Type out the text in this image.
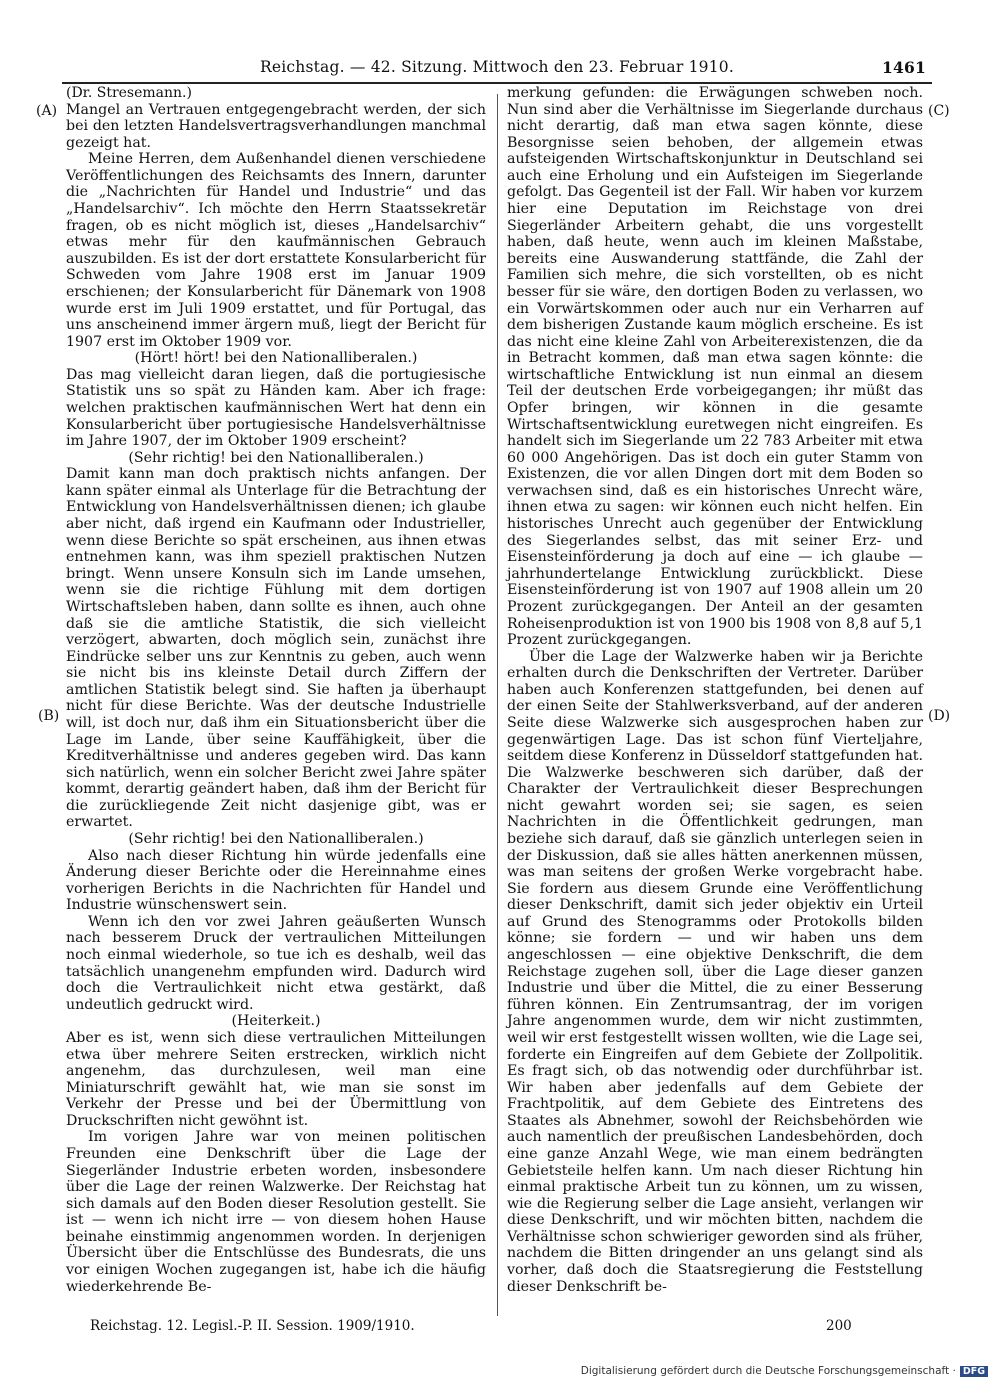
Reichstag. — 42. Sitzung. Mittwoch den 23. Februar 1910.	1461
(A)
(B)
(C)
(D)

(Dr. Stresemann.)

Mangel an Vertrauen entgegengebracht werden, der sich bei den letzten Handelsvertragsverhandlungen manchmal gezeigt hat.

Meine Herren, dem Außenhandel dienen verschiedene Veröffentlichungen des Reichsamts des Innern, darunter die „Nachrichten für Handel und Industrie“ und das „Handelsarchiv“. Ich möchte den Herrn Staatssekretär fragen, ob es nicht möglich ist, dieses „Handelsarchiv“ etwas mehr für den kaufmännischen Gebrauch auszubilden. Es ist der dort erstattete Konsularbericht für Schweden vom Jahre 1908 erst im Januar 1909 erschienen; der Konsularbericht für Dänemark von 1908 wurde erst im Juli 1909 erstattet, und für Portugal, das uns anscheinend immer ärgern muß, liegt der Bericht für 1907 erst im Oktober 1909 vor.

(Hört! hört! bei den Nationalliberalen.)

Das mag vielleicht daran liegen, daß die portugiesische Statistik uns so spät zu Händen kam. Aber ich frage: welchen praktischen kaufmännischen Wert hat denn ein Konsularbericht über portugiesische Handelsverhältnisse im Jahre 1907, der im Oktober 1909 erscheint?

(Sehr richtig! bei den Nationalliberalen.)

Damit kann man doch praktisch nichts anfangen. Der kann später einmal als Unterlage für die Betrachtung der Entwicklung von Handelsverhältnissen dienen; ich glaube aber nicht, daß irgend ein Kaufmann oder Industrieller, wenn diese Berichte so spät erscheinen, aus ihnen etwas entnehmen kann, was ihm speziell praktischen Nutzen bringt. Wenn unsere Konsuln sich im Lande umsehen, wenn sie die richtige Fühlung mit dem dortigen Wirtschaftsleben haben, dann sollte es ihnen, auch ohne daß sie die amtliche Statistik, die sich vielleicht verzögert, abwarten, doch möglich sein, zunächst ihre Eindrücke selber uns zur Kenntnis zu geben, auch wenn sie nicht bis ins kleinste Detail durch Ziffern der amtlichen Statistik belegt sind. Sie haften ja überhaupt nicht für diese Berichte. Was der deutsche Industrielle will, ist doch nur, daß ihm ein Situationsbericht über die Lage im Lande, über seine Kauffähigkeit, über die Kreditverhältnisse und anderes gegeben wird. Das kann sich natürlich, wenn ein solcher Bericht zwei Jahre später kommt, derartig geändert haben, daß ihm der Bericht für die zurückliegende Zeit nicht dasjenige gibt, was er erwartet.

(Sehr richtig! bei den Nationalliberalen.)

Also nach dieser Richtung hin würde jedenfalls eine Änderung dieser Berichte oder die Hereinnahme eines vorherigen Berichts in die Nachrichten für Handel und Industrie wünschenswert sein.

Wenn ich den vor zwei Jahren geäußerten Wunsch nach besserem Druck der vertraulichen Mitteilungen noch einmal wiederhole, so tue ich es deshalb, weil das tatsächlich unangenehm empfunden wird. Dadurch wird doch die Vertraulichkeit nicht etwa gestärkt, daß undeutlich gedruckt wird.

(Heiterkeit.)

Aber es ist, wenn sich diese vertraulichen Mitteilungen etwa über mehrere Seiten erstrecken, wirklich nicht angenehm, das durchzulesen, weil man eine Miniaturschrift gewählt hat, wie man sie sonst im Verkehr der Presse und bei der Übermittlung von Druckschriften nicht gewöhnt ist.

Im vorigen Jahre war von meinen politischen Freunden eine Denkschrift über die Lage der Siegerländer Industrie erbeten worden, insbesondere über die Lage der reinen Walzwerke. Der Reichstag hat sich damals auf den Boden dieser Resolution gestellt. Sie ist — wenn ich nicht irre — von diesem hohen Hause beinahe einstimmig angenommen worden. In derjenigen Übersicht über die Entschlüsse des Bundesrats, die uns vor einigen Wochen zugegangen ist, habe ich die häufig wiederkehrende Be-

merkung gefunden: die Erwägungen schweben noch. Nun sind aber die Verhältnisse im Siegerlande durchaus nicht derartig, daß man etwa sagen könnte, diese Besorgnisse seien behoben, der allgemein etwas aufsteigenden Wirtschaftskonjunktur in Deutschland sei auch eine Erholung und ein Aufsteigen im Siegerlande gefolgt. Das Gegenteil ist der Fall. Wir haben vor kurzem hier eine Deputation im Reichstage von drei Siegerländer Arbeitern gehabt, die uns vorgestellt haben, daß heute, wenn auch im kleinen Maßstabe, bereits eine Auswanderung stattfände, die Zahl der Familien sich mehre, die sich vorstellten, ob es nicht besser für sie wäre, den dortigen Boden zu verlassen, wo ein Vorwärtskommen oder auch nur ein Verharren auf dem bisherigen Zustande kaum möglich erscheine. Es ist das nicht eine kleine Zahl von Arbeiterexistenzen, die da in Betracht kommen, daß man etwa sagen könnte: die wirtschaftliche Entwicklung ist nun einmal an diesem Teil der deutschen Erde vorbeigegangen; ihr müßt das Opfer bringen, wir können in die gesamte Wirtschaftsentwicklung euretwegen nicht eingreifen. Es handelt sich im Siegerlande um 22 783 Arbeiter mit etwa 60 000 Angehörigen. Das ist doch ein guter Stamm von Existenzen, die vor allen Dingen dort mit dem Boden so verwachsen sind, daß es ein historisches Unrecht wäre, ihnen etwa zu sagen: wir können euch nicht helfen. Ein historisches Unrecht auch gegenüber der Entwicklung des Siegerlandes selbst, das mit seiner Erz- und Eisensteinförderung ja doch auf eine — ich glaube — jahrhundertelange Entwicklung zurückblickt. Diese Eisensteinförderung ist von 1907 auf 1908 allein um 20 Prozent zurückgegangen. Der Anteil an der gesamten Roheisenproduktion ist von 1900 bis 1908 von 8,8 auf 5,1 Prozent zurückgegangen.

Über die Lage der Walzwerke haben wir ja Berichte erhalten durch die Denkschriften der Vertreter. Darüber haben auch Konferenzen stattgefunden, bei denen auf der einen Seite der Stahlwerksverband, auf der anderen Seite diese Walzwerke sich ausgesprochen haben zur gegenwärtigen Lage. Das ist schon fünf Vierteljahre, seitdem diese Konferenz in Düsseldorf stattgefunden hat. Die Walzwerke beschweren sich darüber, daß der Charakter der Vertraulichkeit dieser Besprechungen nicht gewahrt worden sei; sie sagen, es seien Nachrichten in die Öffentlichkeit gedrungen, man beziehe sich darauf, daß sie gänzlich unterlegen seien in der Diskussion, daß sie alles hätten anerkennen müssen, was man seitens der großen Werke vorgebracht habe. Sie fordern aus diesem Grunde eine Veröffentlichung dieser Denkschrift, damit sich jeder objektiv ein Urteil auf Grund des Stenogramms oder Protokolls bilden könne; sie fordern — und wir haben uns dem angeschlossen — eine objektive Denkschrift, die dem Reichstage zugehen soll, über die Lage dieser ganzen Industrie und über die Mittel, die zu einer Besserung führen können. Ein Zentrumsantrag, der im vorigen Jahre angenommen wurde, dem wir nicht zustimmten, weil wir erst festgestellt wissen wollten, wie die Lage sei, forderte ein Eingreifen auf dem Gebiete der Zollpolitik. Es fragt sich, ob das notwendig oder durchführbar ist. Wir haben aber jedenfalls auf dem Gebiete der Frachtpolitik, auf dem Gebiete des Eintretens des Staates als Abnehmer, sowohl der Reichsbehörden wie auch namentlich der preußischen Landesbehörden, doch eine ganze Anzahl Wege, wie man einem bedrängten Gebietsteile helfen kann. Um nach dieser Richtung hin einmal praktische Arbeit tun zu können, um zu wissen, wie die Regierung selber die Lage ansieht, verlangen wir diese Denkschrift, und wir möchten bitten, nachdem die Verhältnisse schon schwieriger geworden sind als früher, nachdem die Bitten dringender an uns gelangt sind als vorher, daß doch die Staatsregierung die Feststellung dieser Denkschrift be-

Reichstag. 12. Legisl.-P. II. Session. 1909/1910.	200
Digitalisierung gefördert durch die Deutsche Forschungsgemeinschaft · DFG
